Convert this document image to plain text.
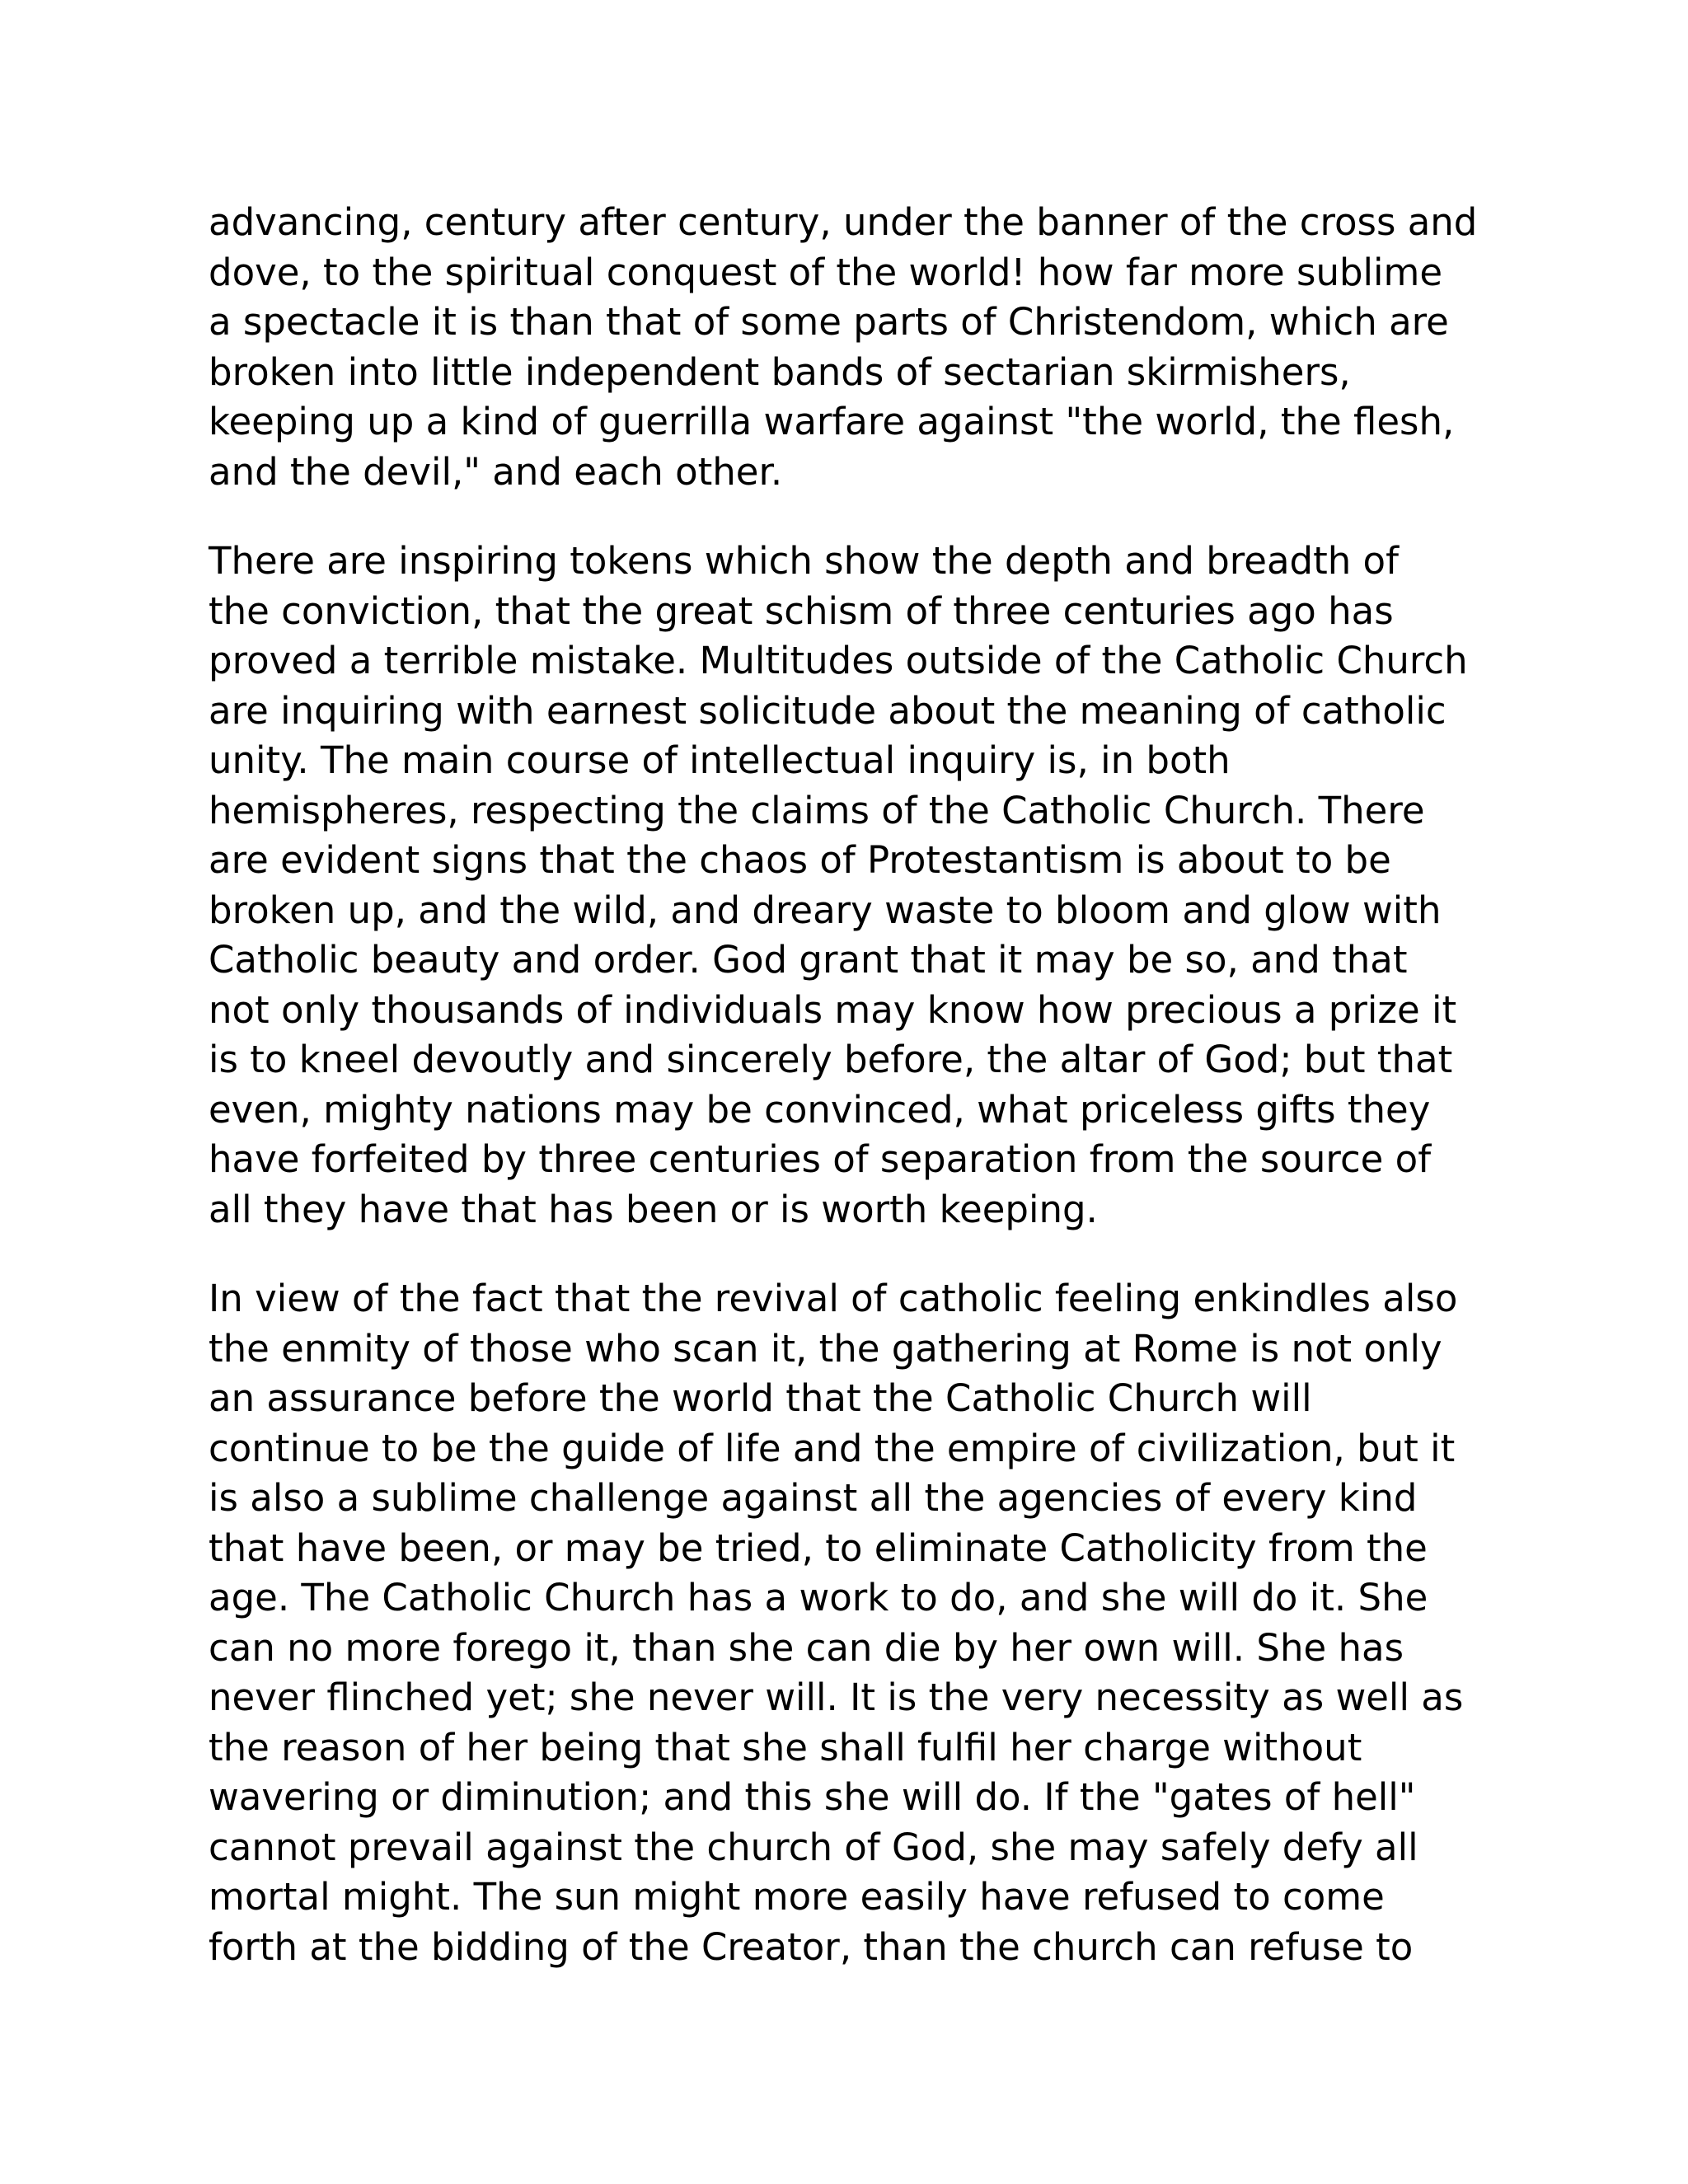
advancing, century after century, under the banner of the cross and
dove, to the spiritual conquest of the world! how far more sublime
a spectacle it is than that of some parts of Christendom, which are
broken into little independent bands of sectarian skirmishers,
keeping up a kind of guerrilla warfare against "the world, the flesh,
and the devil," and each other.

There are inspiring tokens which show the depth and breadth of
the conviction, that the great schism of three centuries ago has
proved a terrible mistake. Multitudes outside of the Catholic Church
are inquiring with earnest solicitude about the meaning of catholic
unity. The main course of intellectual inquiry is, in both
hemispheres, respecting the claims of the Catholic Church. There
are evident signs that the chaos of Protestantism is about to be
broken up, and the wild, and dreary waste to bloom and glow with
Catholic beauty and order. God grant that it may be so, and that
not only thousands of individuals may know how precious a prize it
is to kneel devoutly and sincerely before, the altar of God; but that
even, mighty nations may be convinced, what priceless gifts they
have forfeited by three centuries of separation from the source of
all they have that has been or is worth keeping.

In view of the fact that the revival of catholic feeling enkindles also
the enmity of those who scan it, the gathering at Rome is not only
an assurance before the world that the Catholic Church will
continue to be the guide of life and the empire of civilization, but it
is also a sublime challenge against all the agencies of every kind
that have been, or may be tried, to eliminate Catholicity from the
age. The Catholic Church has a work to do, and she will do it. She
can no more forego it, than she can die by her own will. She has
never flinched yet; she never will. It is the very necessity as well as
the reason of her being that she shall fulfil her charge without
wavering or diminution; and this she will do. If the "gates of hell"
cannot prevail against the church of God, she may safely defy all
mortal might. The sun might more easily have refused to come
forth at the bidding of the Creator, than the church can refuse to
